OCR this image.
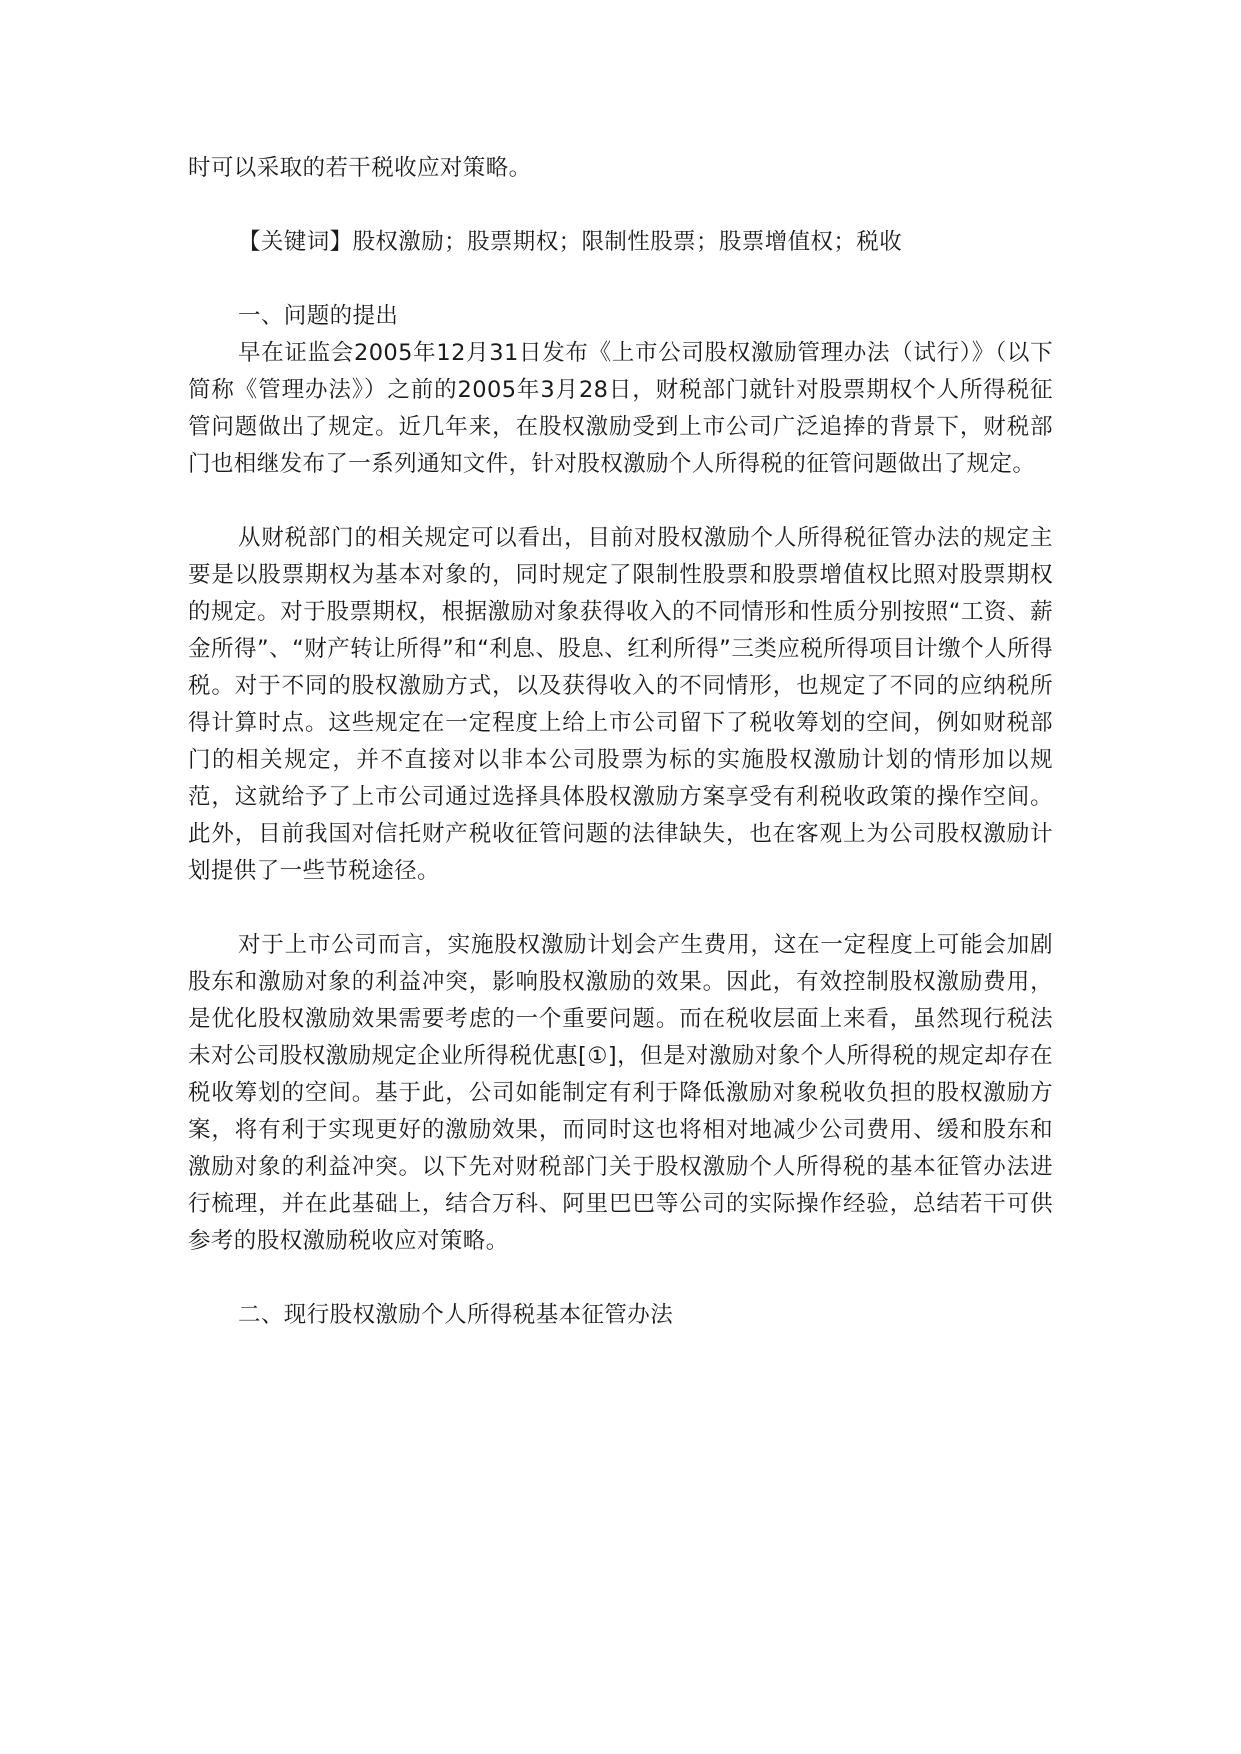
时可以采取的若干税收应对策略。

【关键词】股权激励；股票期权；限制性股票；股票增值权；税收

一、问题的提出

早在证监会2005年12月31日发布《上市公司股权激励管理办法（试行）》（以下简称《管理办法》）之前的2005年3月28日，财税部门就针对股票期权个人所得税征管问题做出了规定。近几年来，在股权激励受到上市公司广泛追捧的背景下，财税部门也相继发布了一系列通知文件，针对股权激励个人所得税的征管问题做出了规定。

从财税部门的相关规定可以看出，目前对股权激励个人所得税征管办法的规定主要是以股票期权为基本对象的，同时规定了限制性股票和股票增值权比照对股票期权的规定。对于股票期权，根据激励对象获得收入的不同情形和性质分别按照“工资、薪金所得”、“财产转让所得”和“利息、股息、红利所得”三类应税所得项目计缴个人所得税。对于不同的股权激励方式，以及获得收入的不同情形，也规定了不同的应纳税所得计算时点。这些规定在一定程度上给上市公司留下了税收筹划的空间，例如财税部门的相关规定，并不直接对以非本公司股票为标的实施股权激励计划的情形加以规范，这就给予了上市公司通过选择具体股权激励方案享受有利税收政策的操作空间。此外，目前我国对信托财产税收征管问题的法律缺失，也在客观上为公司股权激励计划提供了一些节税途径。

对于上市公司而言，实施股权激励计划会产生费用，这在一定程度上可能会加剧股东和激励对象的利益冲突，影响股权激励的效果。因此，有效控制股权激励费用，是优化股权激励效果需要考虑的一个重要问题。而在税收层面上来看，虽然现行税法未对公司股权激励规定企业所得税优惠[①]，但是对激励对象个人所得税的规定却存在税收筹划的空间。基于此，公司如能制定有利于降低激励对象税收负担的股权激励方案，将有利于实现更好的激励效果，而同时这也将相对地减少公司费用、缓和股东和激励对象的利益冲突。以下先对财税部门关于股权激励个人所得税的基本征管办法进行梳理，并在此基础上，结合万科、阿里巴巴等公司的实际操作经验，总结若干可供参考的股权激励税收应对策略。

二、现行股权激励个人所得税基本征管办法
